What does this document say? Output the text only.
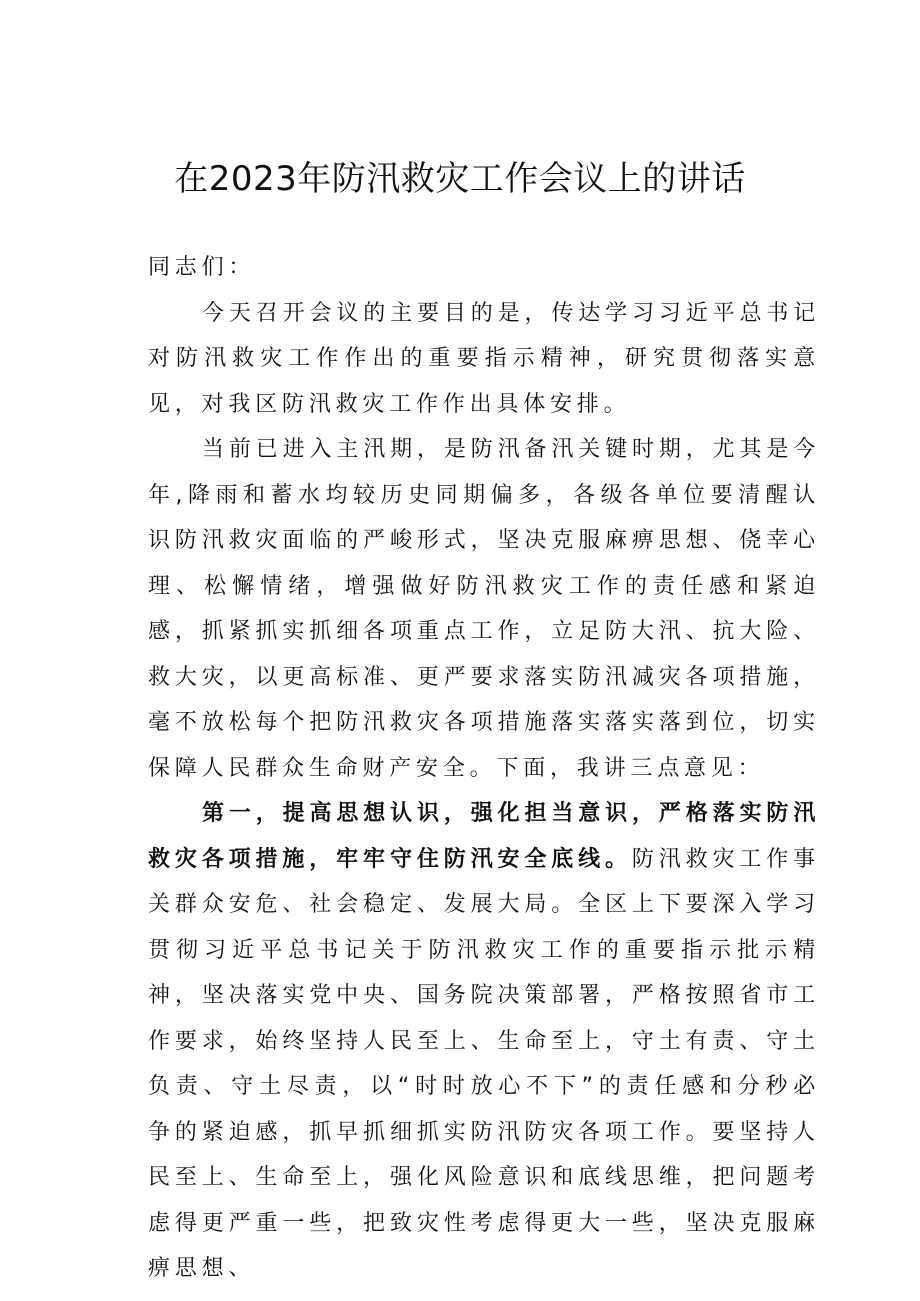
在2023年防汛救灾工作会议上的讲话

同志们：

今天召开会议的主要目的是，传达学习习近平总书记对防汛救灾工作作出的重要指示精神，研究贯彻落实意见，对我区防汛救灾工作作出具体安排。

当前已进入主汛期，是防汛备汛关键时期，尤其是今年,降雨和蓄水均较历史同期偏多，各级各单位要清醒认识防汛救灾面临的严峻形式，坚决克服麻痹思想、侥幸心理、松懈情绪，增强做好防汛救灾工作的责任感和紧迫感，抓紧抓实抓细各项重点工作，立足防大汛、抗大险、救大灾，以更高标准、更严要求落实防汛减灾各项措施，毫不放松每个把防汛救灾各项措施落实落实落到位，切实保障人民群众生命财产安全。下面，我讲三点意见：

第一，提高思想认识，强化担当意识，严格落实防汛救灾各项措施，牢牢守住防汛安全底线。防汛救灾工作事关群众安危、社会稳定、发展大局。全区上下要深入学习贯彻习近平总书记关于防汛救灾工作的重要指示批示精神，坚决落实党中央、国务院决策部署，严格按照省市工作要求，始终坚持人民至上、生命至上，守土有责、守土负责、守土尽责，以“时时放心不下”的责任感和分秒必争的紧迫感，抓早抓细抓实防汛防灾各项工作。要坚持人民至上、生命至上，强化风险意识和底线思维，把问题考虑得更严重一些，把致灾性考虑得更大一些，坚决克服麻痹思想、
